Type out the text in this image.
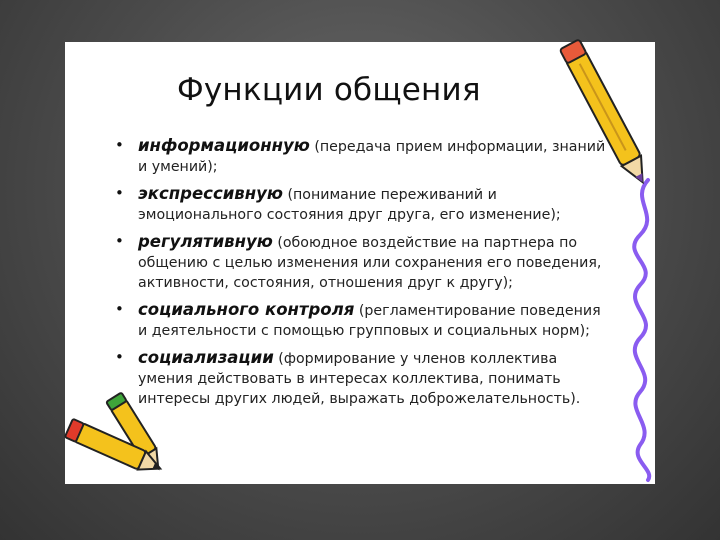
Функции общения
• информационную (передача прием информации, знаний
и умений);
• экспрессивную (понимание переживаний и
эмоционального состояния друг друга, его изменение);
• регулятивную (обоюдное воздействие на партнера по
общению с целью изменения или сохранения его поведения,
активности, состояния, отношения друг к другу);
• социального контроля (регламентирование поведения
и деятельности с помощью групповых и социальных норм);
• социализации (формирование у членов коллектива
умения действовать в интересах коллектива, понимать
интересы других людей, выражать доброжелательность).
